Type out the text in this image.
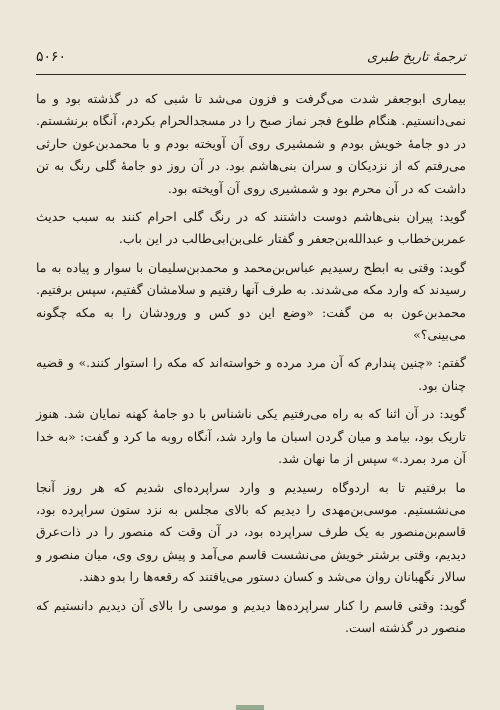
ترجمهٔ تاریخ طبری
۵۰۶۰

بیماری ابوجعفر شدت می‌گرفت و فزون می‌شد تا شبی که در گذشته بود و ما نمی‌دانستیم. هنگام طلوع فجر نماز صبح را در مسجدالحرام بکردم، آنگاه برنشستم. در دو جامهٔ خویش بودم و شمشیری روی آن آویخته بودم و با محمدبن‌عون حارثی می‌رفتم که از نزدیکان و سران بنی‌هاشم بود. در آن روز دو جامهٔ گلی رنگ به تن داشت که در آن محرم بود و شمشیری روی آن آویخته بود.

گوید: پیران بنی‌هاشم دوست داشتند که در رنگ گلی احرام کنند به سبب حدیث عمربن‌خطاب و عبدالله‌بن‌جعفر و گفتار علی‌بن‌ابی‌طالب در این باب.

گوید: وقتی به ابطح رسیدیم عباس‌بن‌محمد و محمدبن‌سلیمان با سوار و پیاده به ما رسیدند که وارد مکه می‌شدند. به طرف آنها رفتیم و سلامشان گفتیم، سپس برفتیم. محمدبن‌عون به من گفت: «وضع این دو کس و ورودشان را به مکه چگونه می‌بینی؟»

گفتم: «چنین پندارم که آن مرد مرده و خواسته‌اند که مکه را استوار کنند.» و قضیه چنان بود.

گوید: در آن اثنا که به راه می‌رفتیم یکی ناشناس با دو جامهٔ کهنه نمایان شد. هنوز تاریک بود، بیامد و میان گردن اسبان ما وارد شد، آنگاه روبه ما کرد و گفت: «به خدا آن مرد بمرد.» سپس از ما نهان شد.

ما برفتیم تا به اردوگاه رسیدیم و وارد سراپرده‌ای شدیم که هر روز آنجا می‌نشستیم. موسی‌بن‌مهدی را دیدیم که بالای مجلس به نزد ستون سراپرده بود، قاسم‌بن‌منصور به یک طرف سراپرده بود، در آن وقت که منصور را در ذات‌عرق دیدیم، وقتی برشتر خویش می‌نشست قاسم می‌آمد و پیش روی وی، میان منصور و سالار نگهبانان روان می‌شد و کسان دستور می‌یافتند که رقعه‌ها را بدو دهند.

گوید: وقتی قاسم را کنار سراپرده‌ها دیدیم و موسی را بالای آن دیدیم دانستیم که منصور در گذشته است.
